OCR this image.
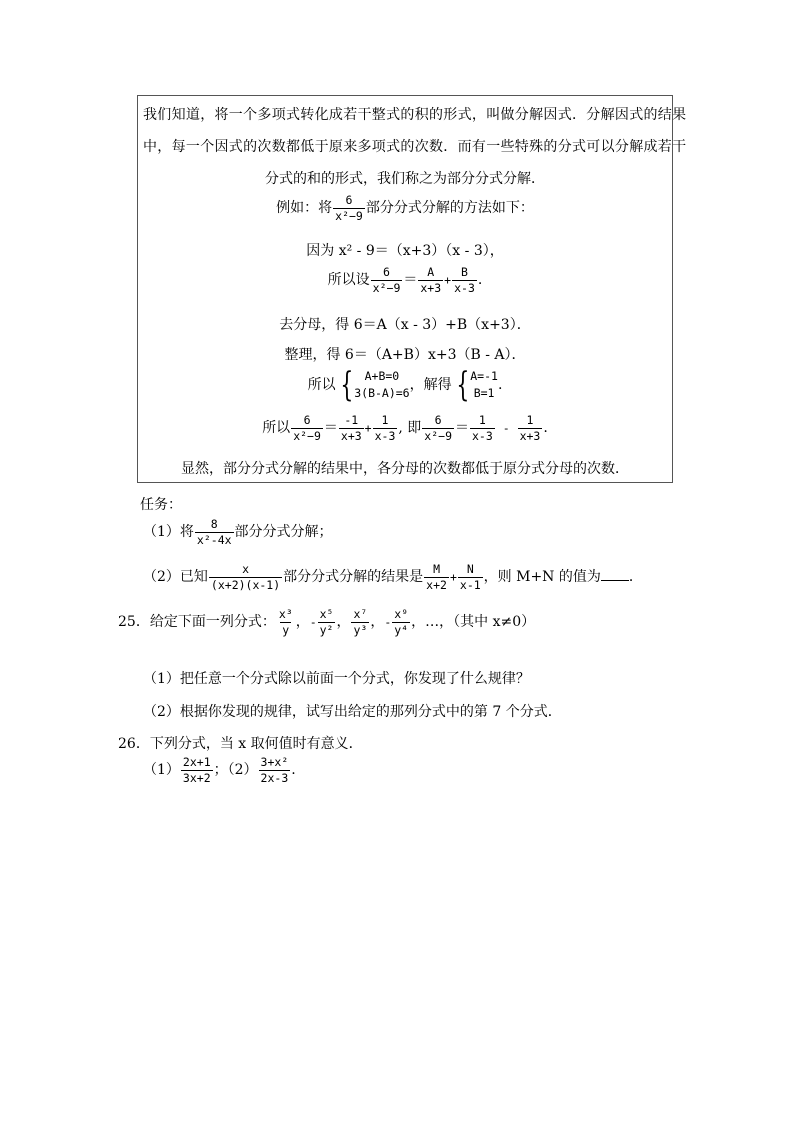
我们知道，将一个多项式转化成若干整式的积的形式，叫做分解因式．分解因式的结果
中，每一个因式的次数都低于原来多项式的次数．而有一些特殊的分式可以分解成若干
分式的和的形式，我们称之为部分分式分解．
例如：将 $\frac{6}{\text{x²−9}}$ 部分分式分解的方法如下：
因为 x² - 9＝（x+3）（x - 3），
所以设 $\frac{6}{\text{x²−9}} = \frac{A}{x+3} + \frac{B}{x-3}$ .
去分母，得 6＝A（x - 3）+B（x+3）．
整理，得 6＝（A+B）x+3（B - A）．
所以 {	A+B=0
3(B-A)=6 ，解得 { A=-1
B=1 .
所以 $\frac{6}{\text{x²−9}} = \frac{-1}{x+3} + \frac{1}{x-3}$ , 即 $\frac{6}{\text{x²−9}} = \frac{1}{x-3} - \frac{1}{x+3}$ .
显然，部分分式分解的结果中，各分母的次数都低于原分式分母的次数．
任务：
（1）将 $\frac{8}{\text{x²-4x}}$ 部分分式分解；
（2）已知 $\frac{x}{(x+2)(x-1)}$ 部分分式分解的结果是 $\frac{M}{x+2} + \frac{N}{x-1}$ ，则 M+N 的值为 ．
25．给定下面一列分式： $\frac{\text{x³}}{y}$ ，- $\frac{\text{x⁵}}{\text{y²}}$ ， $\frac{\text{x⁷}}{\text{y³}}$ ，- $\frac{\text{x⁹}}{\text{y⁴}}$ ，…，（其中 x≠0）
（1）把任意一个分式除以前面一个分式，你发现了什么规律？
（2）根据你发现的规律，试写出给定的那列分式中的第 7 个分式．
26．下列分式，当 x 取何值时有意义．
$(1) \frac{2x+1}{3x+2}$ ；$(2) \frac{\text{3+x²}}{2x-3}$ .
